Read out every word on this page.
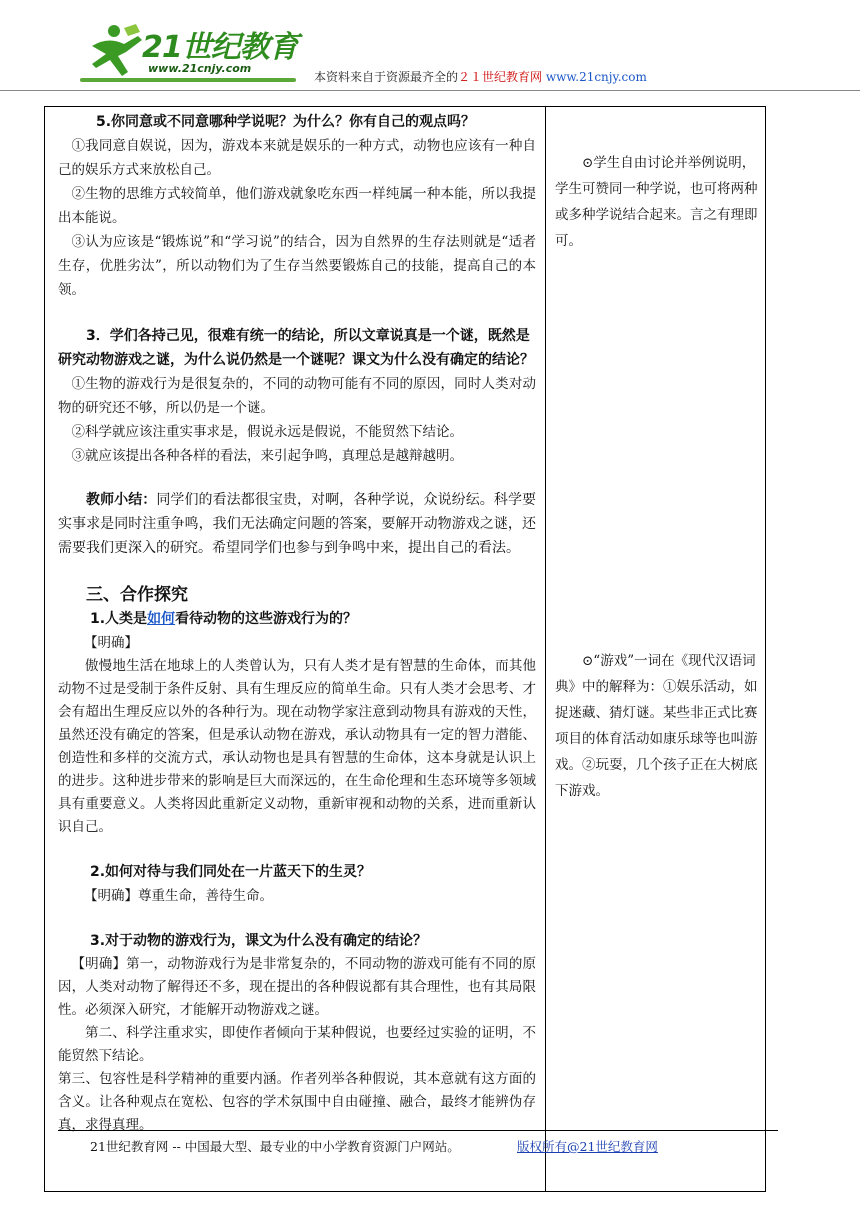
21世纪教育
www.21cnjy.com
本资料来自于资源最齐全的２１世纪教育网 www.21cnjy.com

5.你同意或不同意哪种学说呢？为什么？你有自己的观点吗？

①我同意自娱说，因为，游戏本来就是娱乐的一种方式，动物也应该有一种自己的娱乐方式来放松自己。

②生物的思维方式较简单，他们游戏就象吃东西一样纯属一种本能，所以我提出本能说。

③认为应该是“锻炼说”和“学习说”的结合，因为自然界的生存法则就是“适者生存，优胜劣汰”，所以动物们为了生存当然要锻炼自己的技能，提高自己的本领。

3．学们各持己见，很难有统一的结论，所以文章说真是一个谜，既然是研究动物游戏之谜，为什么说仍然是一个谜呢？课文为什么没有确定的结论？

①生物的游戏行为是很复杂的，不同的动物可能有不同的原因，同时人类对动物的研究还不够，所以仍是一个谜。

②科学就应该注重实事求是，假说永远是假说，不能贸然下结论。

③就应该提出各种各样的看法，来引起争鸣，真理总是越辩越明。

教师小结：同学们的看法都很宝贵，对啊，各种学说，众说纷纭。科学要实事求是同时注重争鸣，我们无法确定问题的答案，要解开动物游戏之谜，还需要我们更深入的研究。希望同学们也参与到争鸣中来，提出自己的看法。

三、合作探究

1.人类是如何看待动物的这些游戏行为的？

【明确】

傲慢地生活在地球上的人类曾认为，只有人类才是有智慧的生命体，而其他动物不过是受制于条件反射、具有生理反应的简单生命。只有人类才会思考、才会有超出生理反应以外的各种行为。现在动物学家注意到动物具有游戏的天性，虽然还没有确定的答案，但是承认动物在游戏，承认动物具有一定的智力潜能、创造性和多样的交流方式，承认动物也是具有智慧的生命体，这本身就是认识上的进步。这种进步带来的影响是巨大而深远的，在生命伦理和生态环境等多领域具有重要意义。人类将因此重新定义动物，重新审视和动物的关系，进而重新认识自己。

2.如何对待与我们同处在一片蓝天下的生灵？

【明确】尊重生命，善待生命。

3.对于动物的游戏行为，课文为什么没有确定的结论？

【明确】第一，动物游戏行为是非常复杂的，不同动物的游戏可能有不同的原因，人类对动物了解得还不多，现在提出的各种假说都有其合理性，也有其局限性。必须深入研究，才能解开动物游戏之谜。

第二、科学注重求实，即使作者倾向于某种假说，也要经过实验的证明，不能贸然下结论。

第三、包容性是科学精神的重要内涵。作者列举各种假说，其本意就有这方面的含义。让各种观点在宽松、包容的学术氛围中自由碰撞、融合，最终才能辨伪存真，求得真理。

⊙学生自由讨论并举例说明，学生可赞同一种学说，也可将两种或多种学说结合起来。言之有理即可。

⊙“游戏”一词在《现代汉语词典》中的解释为：①娱乐活动，如捉迷藏、猜灯谜。某些非正式比赛项目的体育活动如康乐球等也叫游戏。②玩耍，几个孩子正在大树底下游戏。

21世纪教育网 -- 中国最大型、最专业的中小学教育资源门户网站。	版权所有@21世纪教育网
